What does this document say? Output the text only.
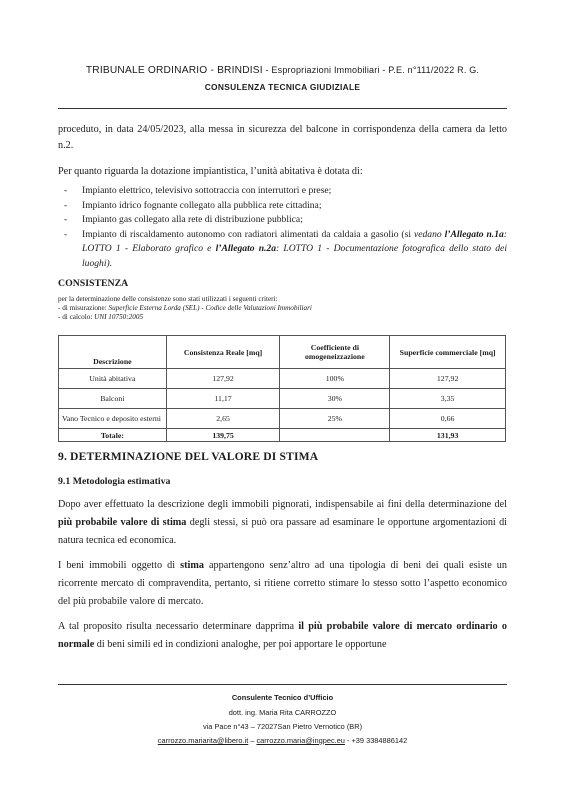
TRIBUNALE ORDINARIO - BRINDISI - Espropriazioni Immobiliari - P.E. n°111/2022 R. G.
CONSULENZA TECNICA GIUDIZIALE
proceduto, in data 24/05/2023, alla messa in sicurezza del balcone in corrispondenza della camera da letto n.2.
Per quanto riguarda la dotazione impiantistica, l’unità abitativa è dotata di:
- Impianto elettrico, televisivo sottotraccia con interruttori e prese;
- Impianto idrico fognante collegato alla pubblica rete cittadina;
- Impianto gas collegato alla rete di distribuzione pubblica;
- Impianto di riscaldamento autonomo con radiatori alimentati da caldaia a gasolio (si vedano l’Allegato n.1a: LOTTO 1 - Elaborato grafico e l’Allegato n.2a: LOTTO 1 - Documentazione fotografica dello stato dei luoghi).
CONSISTENZA
per la determinazione delle consistenze sono stati utilizzati i seguenti criteri:
- di misurazione: Superficie Esterna Lorda (SEL) - Codice delle Valutazioni Immobiliari
- di calcolo: UNI 10750:2005
Descrizione	Consistenza Reale [mq]	Coefficiente di omogeneizzazione	Superficie commerciale [mq]
Unità abitativa	127,92	100%	127,92
Balconi	11,17	30%	3,35
Vano Tecnico e deposito esterni	2,65	25%	0,66
Totale:	139,75		131,93
9. DETERMINAZIONE DEL VALORE DI STIMA
9.1 Metodologia estimativa
Dopo aver effettuato la descrizione degli immobili pignorati, indispensabile ai fini della determinazione del più probabile valore di stima degli stessi, si può ora passare ad esaminare le opportune argomentazioni di natura tecnica ed economica.
I beni immobili oggetto di stima appartengono senz’altro ad una tipologia di beni dei quali esiste un ricorrente mercato di compravendita, pertanto, si ritiene corretto stimare lo stesso sotto l’aspetto economico del più probabile valore di mercato.
A tal proposito risulta necessario determinare dapprima il più probabile valore di mercato ordinario o normale di beni simili ed in condizioni analoghe, per poi apportare le opportune
Consulente Tecnico d’Ufficio
dott. ing. Maria Rita CARROZZO
via Pace n°43 – 72027San Pietro Vernotico (BR)
carrozzo.mariarita@libero.it – carrozzo.maria@ingpec.eu - +39 3384886142
